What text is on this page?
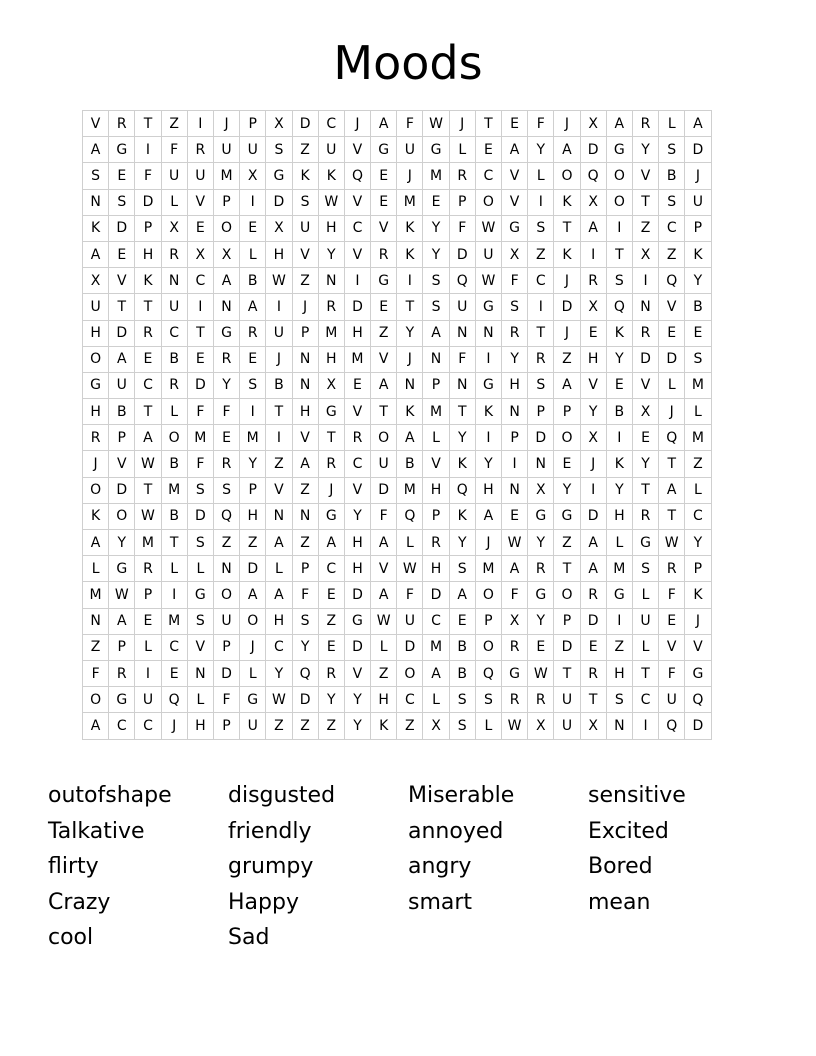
Moods
V	R	T	Z	I	J	P	X	D	C	J	A	F	W	J	T	E	F	J	X	A	R	L	A
A	G	I	F	R	U	U	S	Z	U	V	G	U	G	L	E	A	Y	A	D	G	Y	S	D
S	E	F	U	U	M	X	G	K	K	Q	E	J	M	R	C	V	L	O	Q	O	V	B	J
N	S	D	L	V	P	I	D	S	W	V	E	M	E	P	O	V	I	K	X	O	T	S	U
K	D	P	X	E	O	E	X	U	H	C	V	K	Y	F	W	G	S	T	A	I	Z	C	P
A	E	H	R	X	X	L	H	V	Y	V	R	K	Y	D	U	X	Z	K	I	T	X	Z	K
X	V	K	N	C	A	B	W	Z	N	I	G	I	S	Q	W	F	C	J	R	S	I	Q	Y
U	T	T	U	I	N	A	I	J	R	D	E	T	S	U	G	S	I	D	X	Q	N	V	B
H	D	R	C	T	G	R	U	P	M	H	Z	Y	A	N	N	R	T	J	E	K	R	E	E
O	A	E	B	E	R	E	J	N	H	M	V	J	N	F	I	Y	R	Z	H	Y	D	D	S
G	U	C	R	D	Y	S	B	N	X	E	A	N	P	N	G	H	S	A	V	E	V	L	M
H	B	T	L	F	F	I	T	H	G	V	T	K	M	T	K	N	P	P	Y	B	X	J	L
R	P	A	O	M	E	M	I	V	T	R	O	A	L	Y	I	P	D	O	X	I	E	Q	M
J	V	W	B	F	R	Y	Z	A	R	C	U	B	V	K	Y	I	N	E	J	K	Y	T	Z
O	D	T	M	S	S	P	V	Z	J	V	D	M	H	Q	H	N	X	Y	I	Y	T	A	L
K	O	W	B	D	Q	H	N	N	G	Y	F	Q	P	K	A	E	G	G	D	H	R	T	C
A	Y	M	T	S	Z	Z	A	Z	A	H	A	L	R	Y	J	W	Y	Z	A	L	G	W	Y
L	G	R	L	L	N	D	L	P	C	H	V	W	H	S	M	A	R	T	A	M	S	R	P
M	W	P	I	G	O	A	A	F	E	D	A	F	D	A	O	F	G	O	R	G	L	F	K
N	A	E	M	S	U	O	H	S	Z	G	W	U	C	E	P	X	Y	P	D	I	U	E	J
Z	P	L	C	V	P	J	C	Y	E	D	L	D	M	B	O	R	E	D	E	Z	L	V	V
F	R	I	E	N	D	L	Y	Q	R	V	Z	O	A	B	Q	G	W	T	R	H	T	F	G
O	G	U	Q	L	F	G	W	D	Y	Y	H	C	L	S	S	R	R	U	T	S	C	U	Q
A	C	C	J	H	P	U	Z	Z	Z	Y	K	Z	X	S	L	W	X	U	X	N	I	Q	D
outofshape	disgusted	Miserable	sensitive
Talkative	friendly	annoyed	Excited
flirty	grumpy	angry	Bored
Crazy	Happy	smart	mean
cool	Sad
